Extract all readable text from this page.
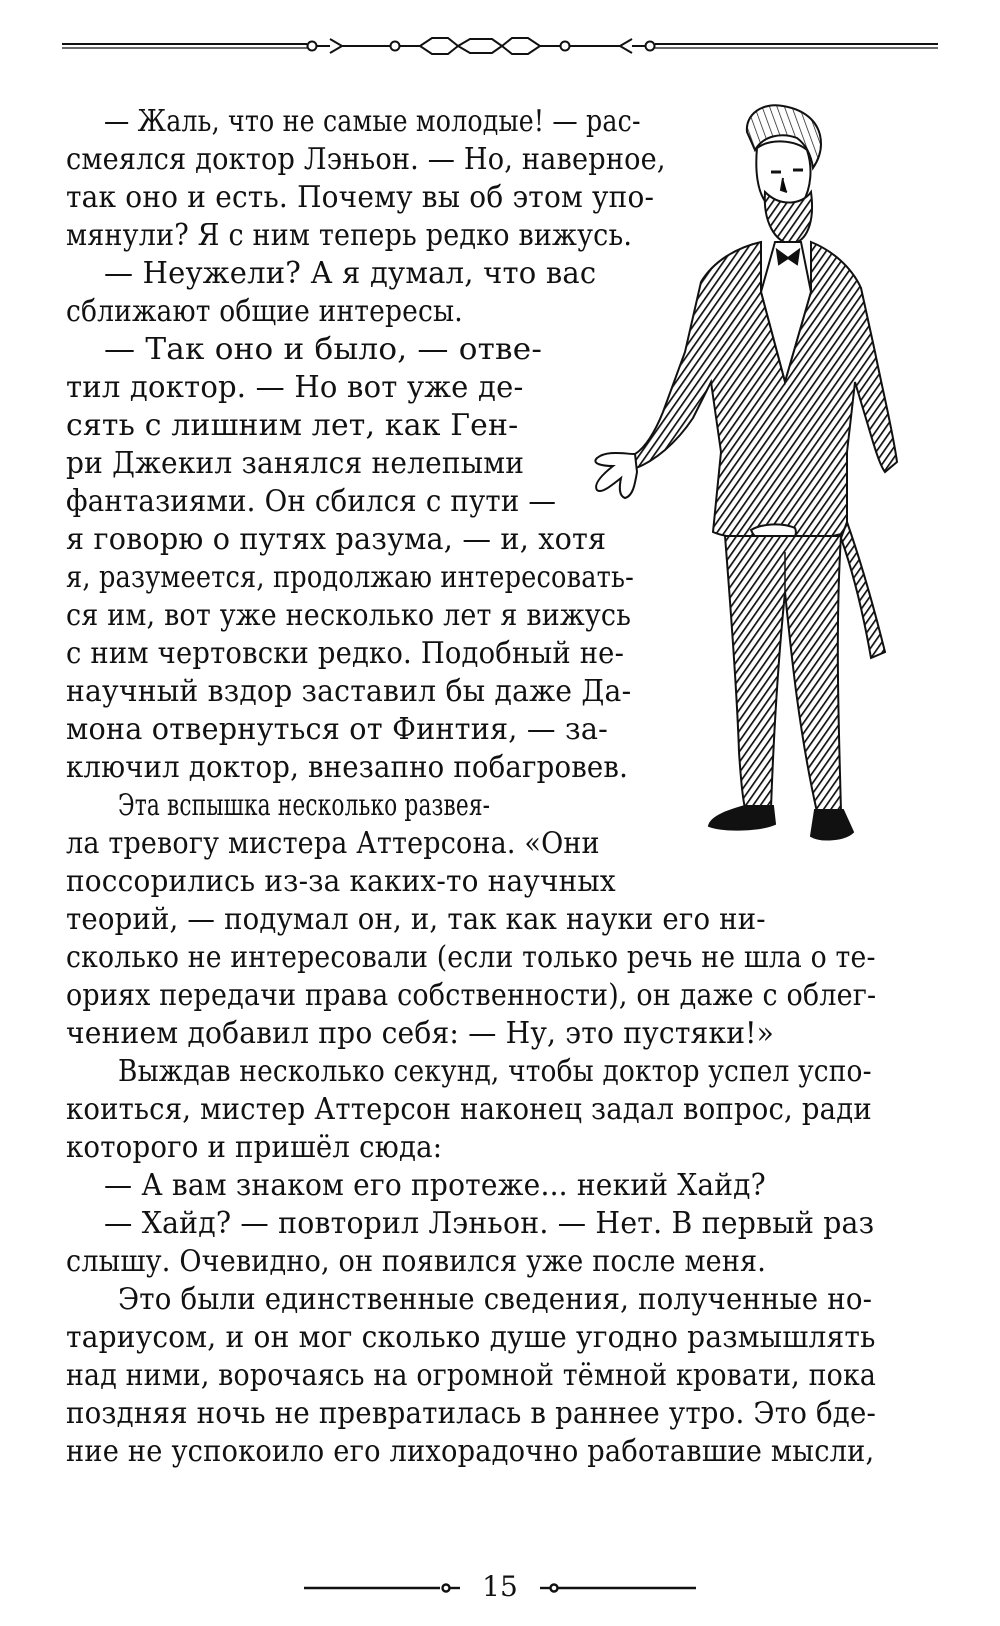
— Жаль, что не самые молодые! — рас-

смеялся доктор Лэньон. — Но, наверное,

так оно и есть. Почему вы об этом упо-

мянули? Я с ним теперь редко вижусь.

— Неужели? А я думал, что вас

сближают общие интересы.

— Так оно и было, — отве-

тил доктор. — Но вот уже де-

сять с лишним лет, как Ген-

ри Джекил занялся нелепыми

фантазиями. Он сбился с пути —

я говорю о путях разума, — и, хотя

я, разумеется, продолжаю интересовать-

ся им, вот уже несколько лет я вижусь

с ним чертовски редко. Подобный не-

научный вздор заставил бы даже Да-

мона отвернуться от Финтия, — за-

ключил доктор, внезапно побагровев.

Эта вспышка несколько развея-

ла тревогу мистера Аттерсона. «Они

поссорились из-за каких-то научных

теорий, — подумал он, и, так как науки его ни-

сколько не интересовали (если только речь не шла о те-

ориях передачи права собственности), он даже с облег-

чением добавил про себя: — Ну, это пустяки!»

Выждав несколько секунд, чтобы доктор успел успо-

коиться, мистер Аттерсон наконец задал вопрос, ради

которого и пришёл сюда:

— А вам знаком его протеже... некий Хайд?

— Хайд? — повторил Лэньон. — Нет. В первый раз

слышу. Очевидно, он появился уже после меня.

Это были единственные сведения, полученные но-

тариусом, и он мог сколько душе угодно размышлять

над ними, ворочаясь на огромной тёмной кровати, пока

поздняя ночь не превратилась в раннее утро. Это бде-

ние не успокоило его лихорадочно работавшие мысли,

15
